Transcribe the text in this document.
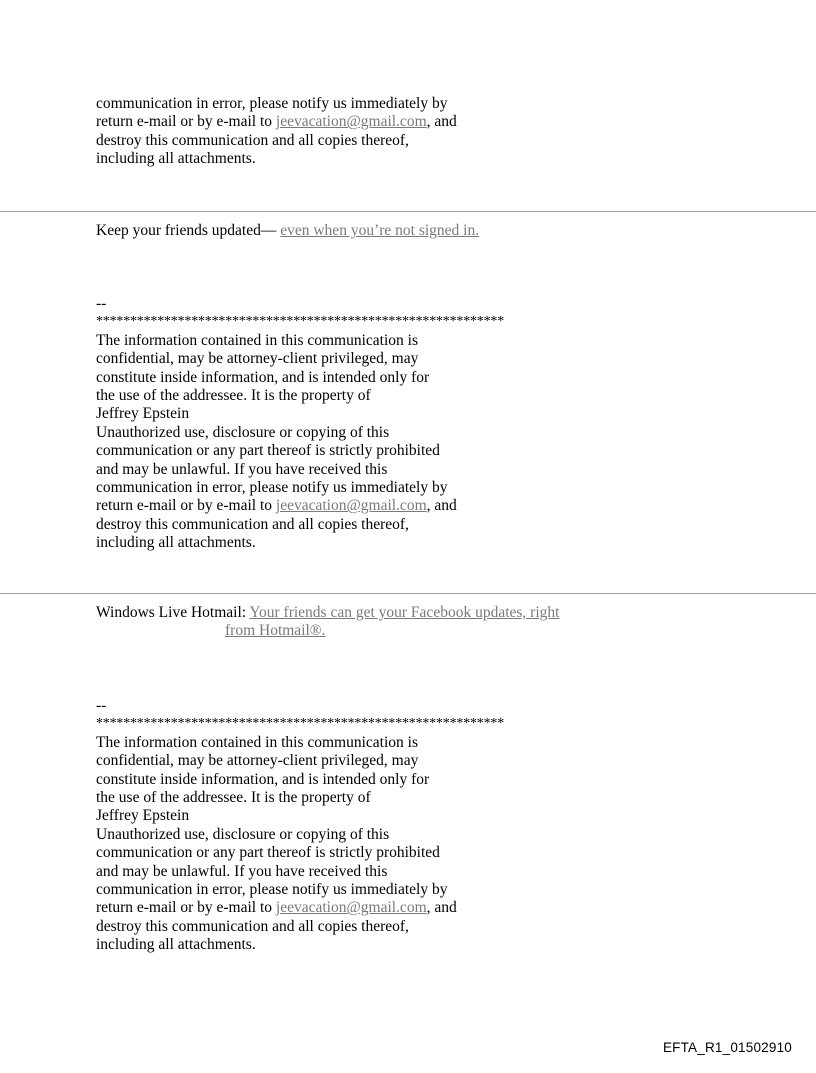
communication in error, please notify us immediately by
return e-mail or by e-mail to jeevacation@gmail.com, and
destroy this communication and all copies thereof,
including all attachments.
Keep your friends updated— even when you’re not signed in.
--
************************************************************
The information contained in this communication is
confidential, may be attorney-client privileged, may
constitute inside information, and is intended only for
the use of the addressee. It is the property of
Jeffrey Epstein
Unauthorized use, disclosure or copying of this
communication or any part thereof is strictly prohibited
and may be unlawful. If you have received this
communication in error, please notify us immediately by
return e-mail or by e-mail to jeevacation@gmail.com, and
destroy this communication and all copies thereof,
including all attachments.
Windows Live Hotmail: Your friends can get your Facebook updates, right
from Hotmail®.
--
************************************************************
The information contained in this communication is
confidential, may be attorney-client privileged, may
constitute inside information, and is intended only for
the use of the addressee. It is the property of
Jeffrey Epstein
Unauthorized use, disclosure or copying of this
communication or any part thereof is strictly prohibited
and may be unlawful. If you have received this
communication in error, please notify us immediately by
return e-mail or by e-mail to jeevacation@gmail.com, and
destroy this communication and all copies thereof,
including all attachments.
EFTA_R1_01502910
